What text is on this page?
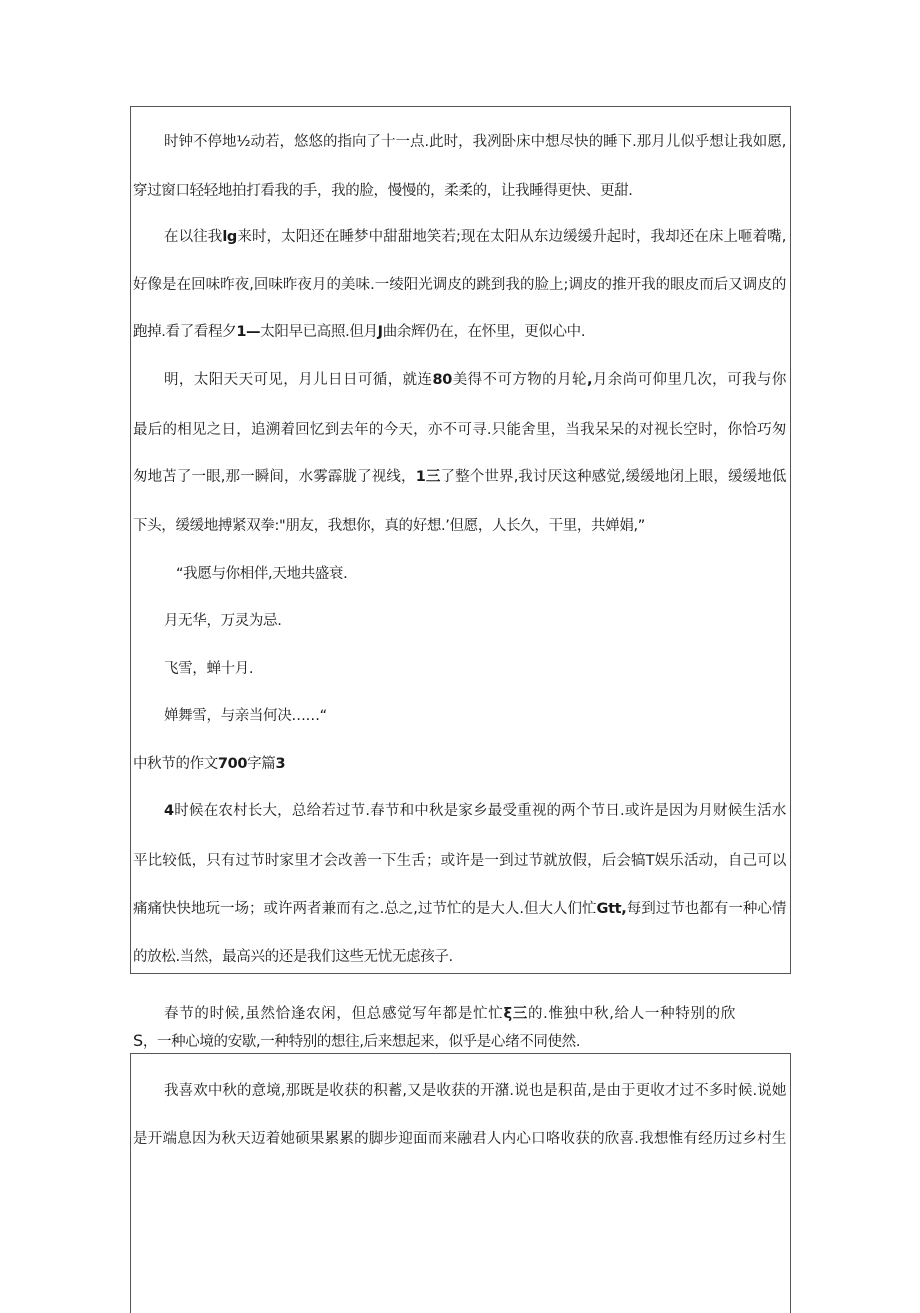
时钟不停地½动若，悠悠的指向了十一点.此时，我冽卧床中想尽快的睡下.那月儿似乎想让我如愿,
穿过窗口轻轻地拍打看我的手，我的脸，慢慢的，柔柔的，让我睡得更快、更甜.
在以往我lg来时，太阳还在睡梦中甜甜地笑若;现在太阳从东边缓缓升起时，我却还在床上咂着嘴,
好像是在回味昨夜,回味昨夜月的美味.一绫阳光调皮的跳到我的脸上;调皮的推开我的眼皮而后又调皮的
跑掉.看了看程夕1—太阳早已高照.但月J曲余辉仍在，在怀里，更似心中.
明，太阳天天可见，月儿日日可循，就连80美得不可方物的月轮,月余尚可仰里几次，可我与你
最后的相见之日，追溯着回忆到去年的今天，亦不可寻.只能舍里，当我呆呆的对视长空时，你恰巧匆
匆地苫了一眼,那一瞬间，水雾霹胧了视线，1三了整个世界,我讨厌这种感觉,缓缓地闭上眼，缓缓地低
下头，缓缓地搏紧双拳:"朋友，我想你，真的好想.’但愿，人长久，干里，共婵娟,”
“我愿与你相伴,天地共盛衰.
月无华，万灵为忌.
飞雪，蝉十月.
婵舞雪，与亲当何决……“
中秋节的作文700字篇3
4时候在农村长大，总给若过节.春节和中秋是家乡最受重视的两个节日.或许是因为月财候生活水
平比较低，只有过节时家里才会改善一下生舌；或许是一到过节就放假，后会犒T娱乐活动，自己可以
痛痛快快地玩一场；或许两者兼而有之.总之,过节忙的是大人.但大人们忙Gtt,每到过节也都有一种心情
的放松.当然，最高兴的还是我们这些无忧无虑孩子.
春节的时候,虽然恰逢农闲，但总感觉写年都是忙忙ξ三的.惟独中秋,给人一种特别的欣
S，一种心境的安歇,一种特别的想往,后来想起来，似乎是心绪不同使然.
我喜欢中秋的意境,那既是收获的积蓄,又是收获的开潴.说也是积苗,是由于更收才过不多时候.说她
是开端息因为秋天迈着她硕果累累的脚步迎面而来融君人内心口咯收获的欣喜.我想惟有经历过乡村生
